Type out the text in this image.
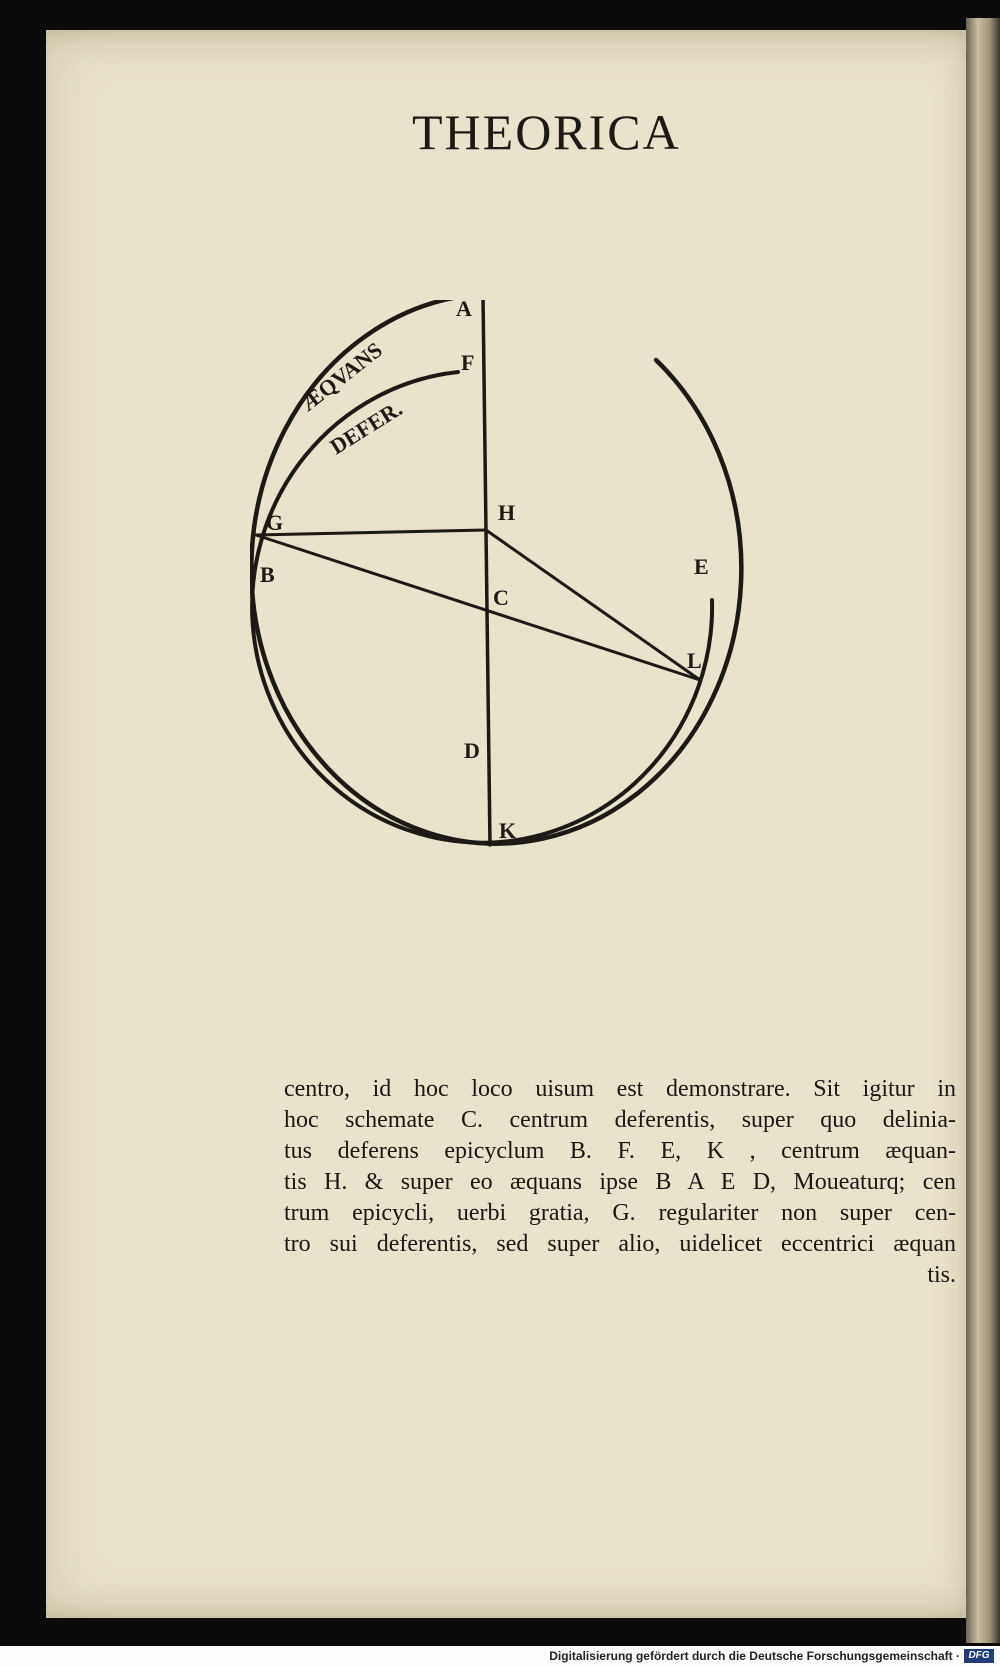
THEORICA
ÆQVANS
DEFER.
A
F
H
G
B
C
E
L
D
K
centro, id hoc loco uisum est demonstrare. Sit igitur in
hoc schemate C. centrum deferentis, super quo delinia-
tus deferens epicyclum B. F. E, K , centrum æquan-
tis H. & super eo æquans ipse B A E D, Moueaturq; cen
trum epicycli, uerbi gratia, G. regulariter non super cen-
tro sui deferentis, sed super alio, uidelicet eccentrici æquan
tis.
Digitalisierung gefördert durch die Deutsche Forschungsgemeinschaft · DFG
